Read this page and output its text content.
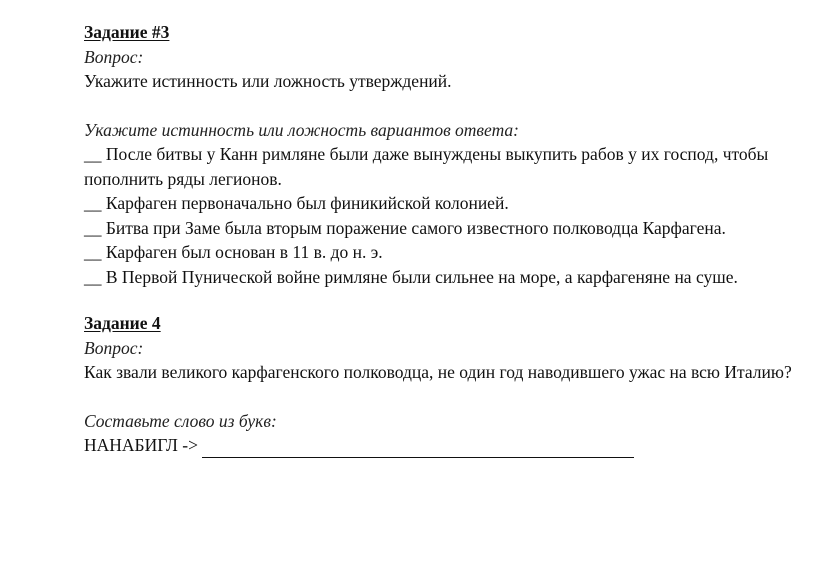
Задание #3
Вопрос:
Укажите истинность или ложность утверждений.
Укажите истинность или ложность вариантов ответа:
__ После битвы у Канн римляне были даже вынуждены выкупить рабов у их господ, чтобы пополнить ряды легионов.
__ Карфаген первоначально был финикийской колонией.
__ Битва при Заме была вторым поражение самого известного полководца Карфагена.
__ Карфаген был основан в 11 в. до н. э.
__ В Первой Пунической войне римляне были сильнее на море, а карфагеняне на суше.
Задание 4
Вопрос:
Как звали великого карфагенского полководца, не один год наводившего ужас на всю Италию?
Составьте слово из букв:
НАНАБИГЛ ->
